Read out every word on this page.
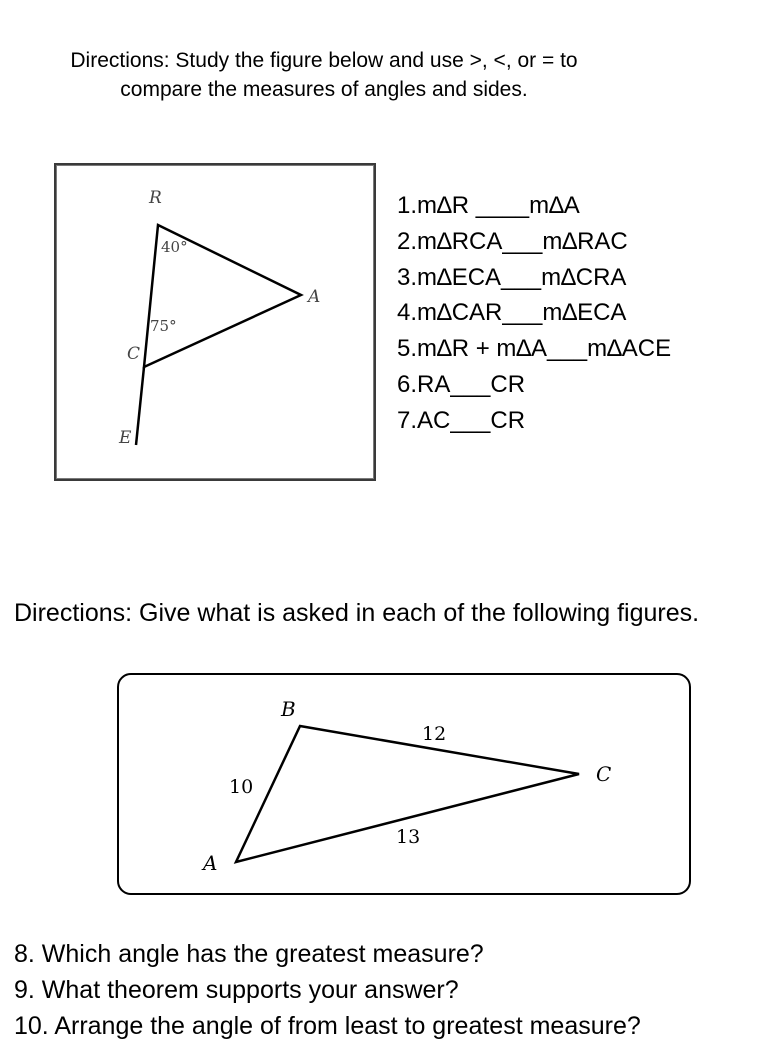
Directions: Study the figure below and use >, <, or = to
compare the measures of angles and sides.
R
A
C
E
40°
75°
1.m∆R ____m∆A
2.m∆RCA___m∆RAC
3.m∆ECA___m∆CRA
4.m∆CAR___m∆ECA
5.m∆R + m∆A___m∆ACE
6.RA___CR
7.AC___CR
Directions: Give what is asked in each of the following figures.
B
C
A
10
12
13
8. Which angle has the greatest measure?
9. What theorem supports your answer?
10. Arrange the angle of from least to greatest measure?
